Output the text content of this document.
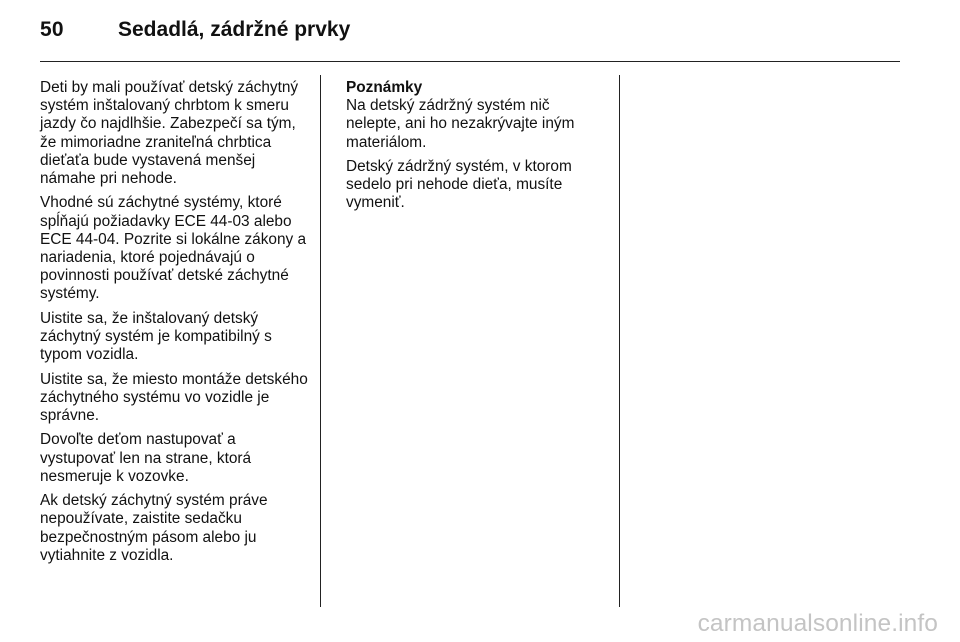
50	Sedadlá, zádržné prvky

Deti by mali používať detský záchytný systém inštalovaný chrbtom k smeru jazdy čo najdlhšie. Zabezpečí sa tým, že mimoriadne zraniteľná chrbtica dieťaťa bude vystavená menšej námahe pri nehode.

Vhodné sú záchytné systémy, ktoré spĺňajú požiadavky ECE 44-03 alebo ECE 44-04. Pozrite si lokálne zákony a nariadenia, ktoré pojednávajú o povinnosti používať detské záchytné systémy.

Uistite sa, že inštalovaný detský záchytný systém je kompatibilný s typom vozidla.

Uistite sa, že miesto montáže detského záchytného systému vo vozidle je správne.

Dovoľte deťom nastupovať a vystupovať len na strane, ktorá nesmeruje k vozovke.

Ak detský záchytný systém práve nepoužívate, zaistite sedačku bezpečnostným pásom alebo ju vytiahnite z vozidla.

Poznámky
Na detský zádržný systém nič nelepte, ani ho nezakrývajte iným materiálom.

Detský zádržný systém, v ktorom sedelo pri nehode dieťa, musíte vymeniť.

carmanualsonline.info
